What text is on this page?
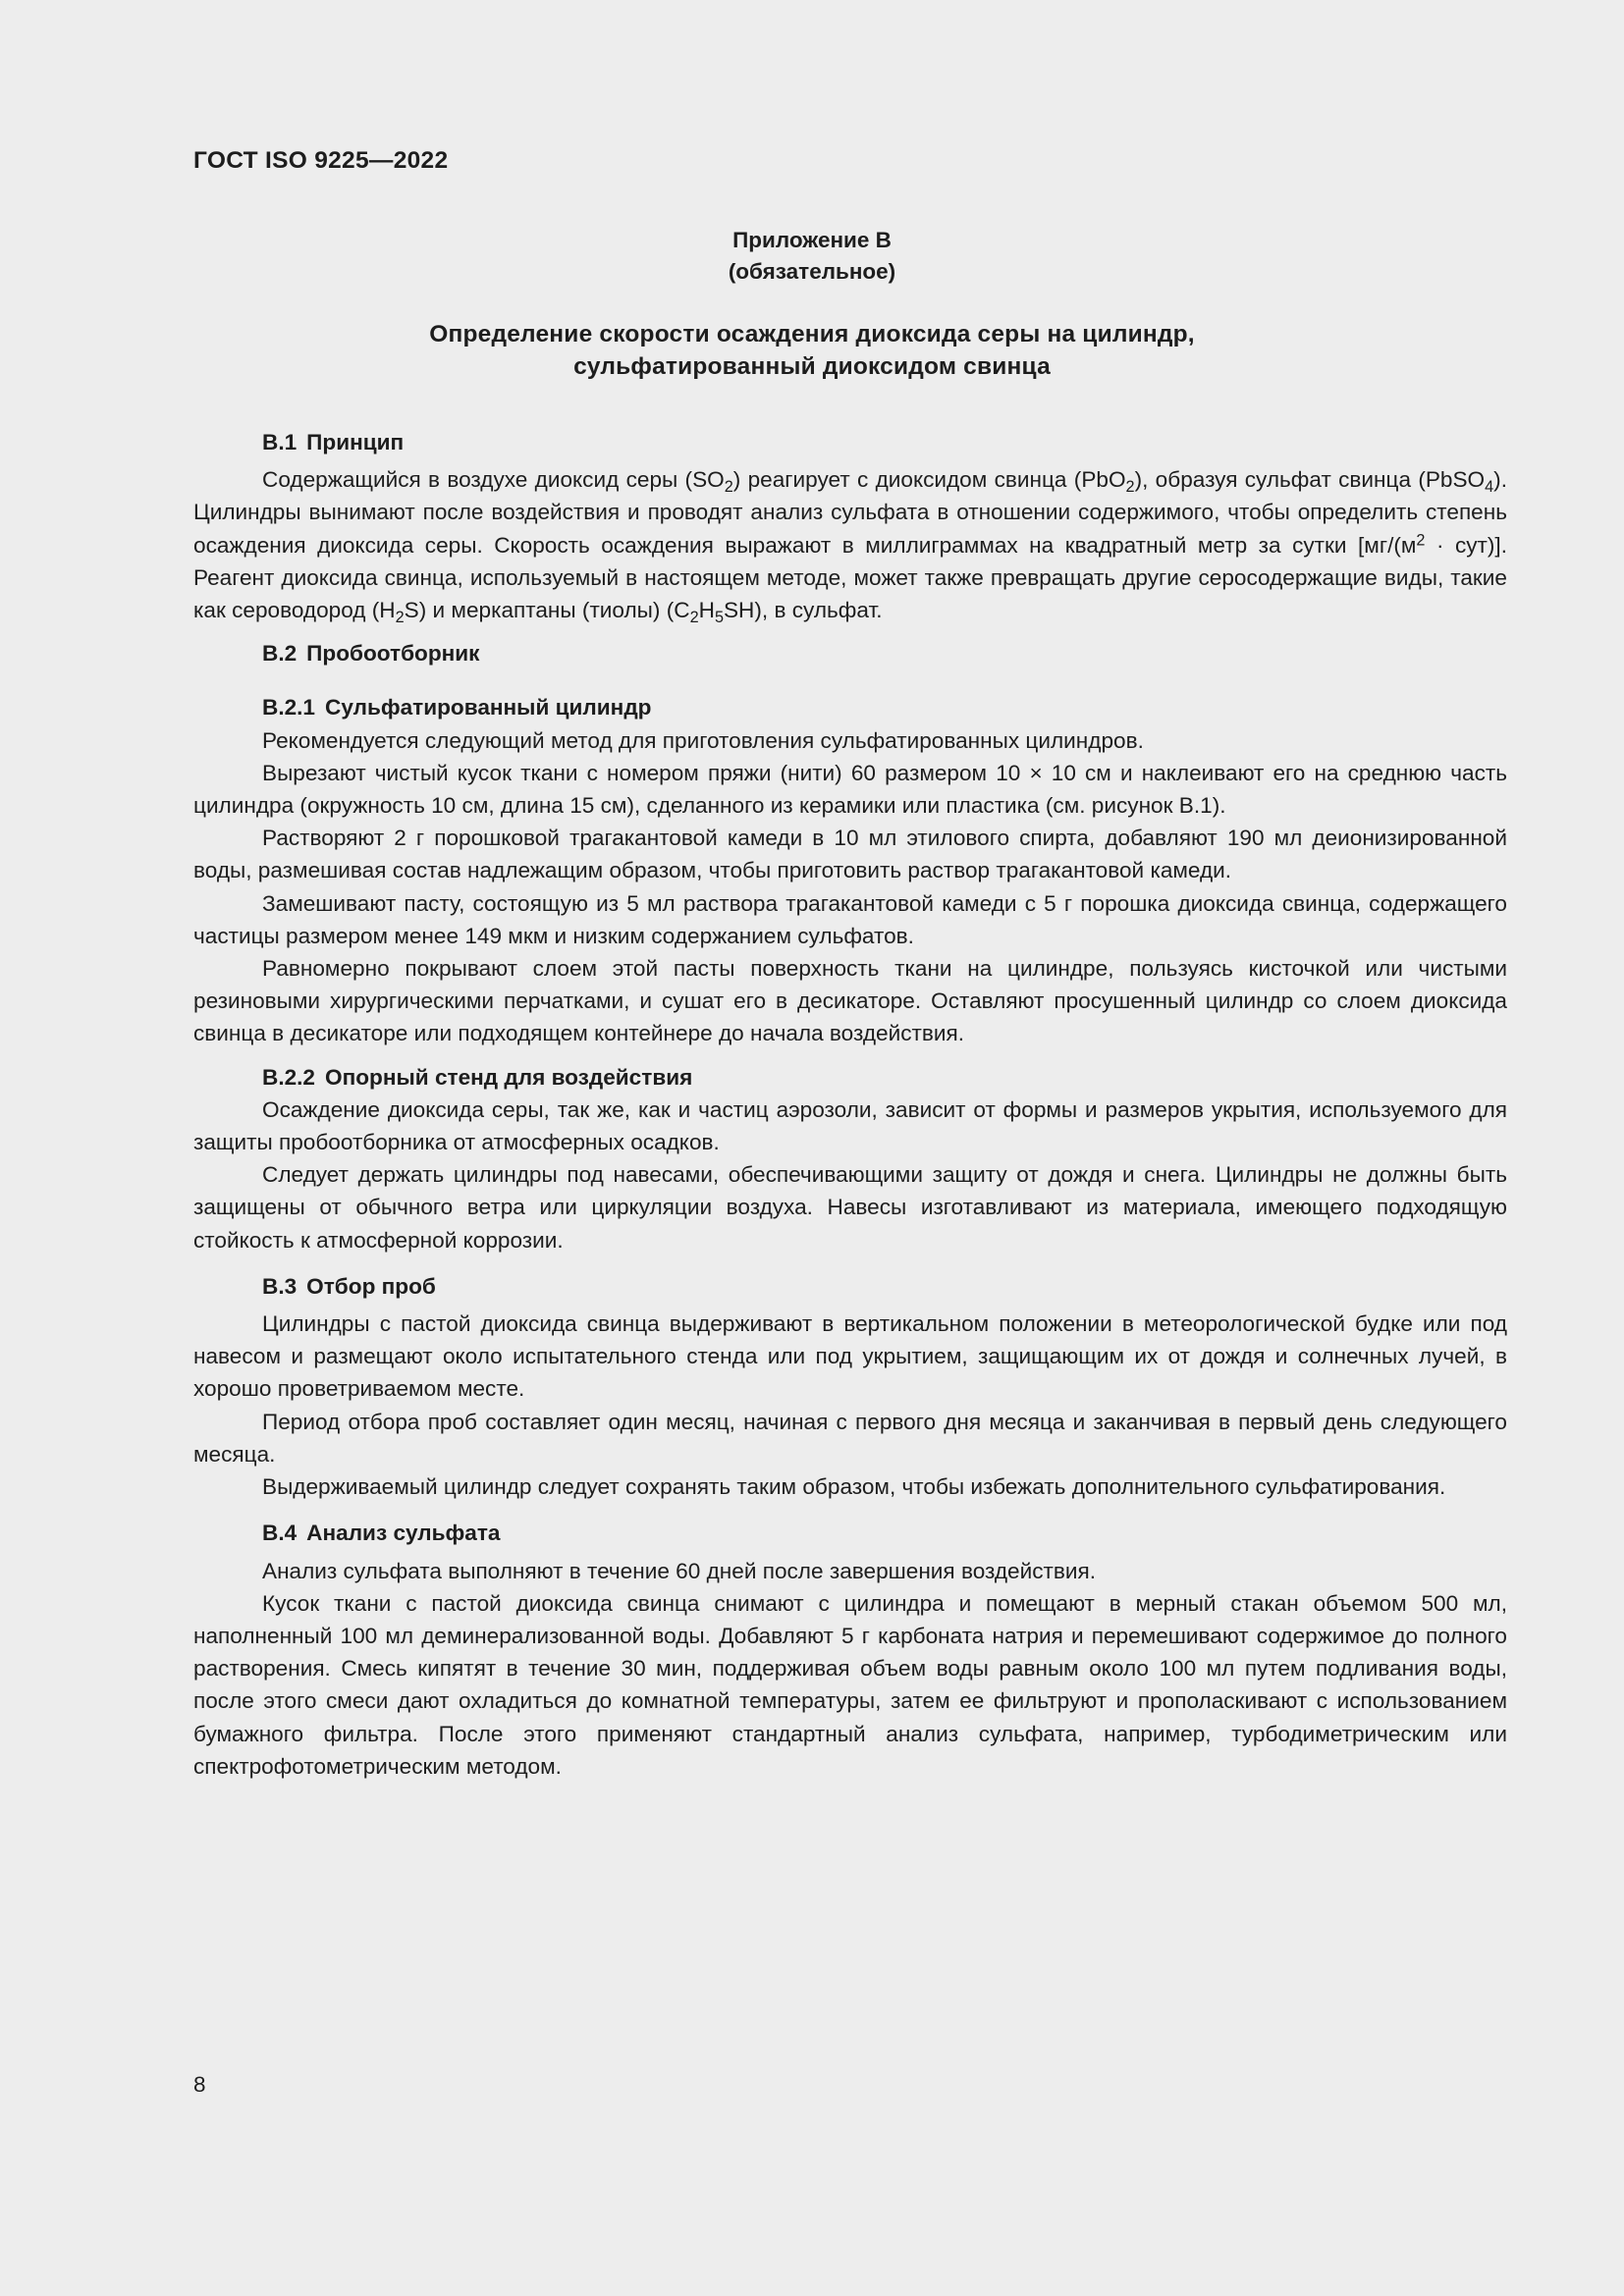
ГОСТ ISO 9225—2022
Приложение В
(обязательное)
Определение скорости осаждения диоксида серы на цилиндр,
сульфатированный диоксидом свинца
В.1 Принцип

Содержащийся в воздухе диоксид серы $(SO_2)$ реагирует с диоксидом свинца (PbO$_2$), образуя сульфат свинца (PbSO$_4$). Цилиндры вынимают после воздействия и проводят анализ сульфата в отношении содержимого, чтобы определить степень осаждения диоксида серы. Скорость осаждения выражают в миллиграммах на квадратный метр за сутки $[мг/(м^2 \cdot сут)]$. Реагент диоксида свинца, используемый в настоящем методе, может также превращать другие серосодержащие виды, такие как сероводород $(H_2S)$ и меркаптаны (тиолы) $(C_2H_5SH)$, в сульфат.

В.2 Пробоотборник
В.2.1 Сульфатированный цилиндр

Рекомендуется следующий метод для приготовления сульфатированных цилиндров.

Вырезают чистый кусок ткани с номером пряжи (нити) 60 размером 10 × 10 см и наклеивают его на среднюю часть цилиндра (окружность 10 см, длина 15 см), сделанного из керамики или пластика (см. рисунок В.1).

Растворяют 2 г порошковой трагакантовой камеди в 10 мл этилового спирта, добавляют 190 мл деионизированной воды, размешивая состав надлежащим образом, чтобы приготовить раствор трагакантовой камеди.

Замешивают пасту, состоящую из 5 мл раствора трагакантовой камеди с 5 г порошка диоксида свинца, содержащего частицы размером менее 149 мкм и низким содержанием сульфатов.

Равномерно покрывают слоем этой пасты поверхность ткани на цилиндре, пользуясь кисточкой или чистыми резиновыми хирургическими перчатками, и сушат его в десикаторе. Оставляют просушенный цилиндр со слоем диоксида свинца в десикаторе или подходящем контейнере до начала воздействия.

В.2.2 Опорный стенд для воздействия

Осаждение диоксида серы, так же, как и частиц аэрозоли, зависит от формы и размеров укрытия, используемого для защиты пробоотборника от атмосферных осадков.

Следует держать цилиндры под навесами, обеспечивающими защиту от дождя и снега. Цилиндры не должны быть защищены от обычного ветра или циркуляции воздуха. Навесы изготавливают из материала, имеющего подходящую стойкость к атмосферной коррозии.

В.3 Отбор проб

Цилиндры с пастой диоксида свинца выдерживают в вертикальном положении в метеорологической будке или под навесом и размещают около испытательного стенда или под укрытием, защищающим их от дождя и солнечных лучей, в хорошо проветриваемом месте.

Период отбора проб составляет один месяц, начиная с первого дня месяца и заканчивая в первый день следующего месяца.

Выдерживаемый цилиндр следует сохранять таким образом, чтобы избежать дополнительного сульфатирования.

В.4 Анализ сульфата

Анализ сульфата выполняют в течение 60 дней после завершения воздействия.

Кусок ткани с пастой диоксида свинца снимают с цилиндра и помещают в мерный стакан объемом 500 мл, наполненный 100 мл деминерализованной воды. Добавляют 5 г карбоната натрия и перемешивают содержимое до полного растворения. Смесь кипятят в течение 30 мин, поддерживая объем воды равным около 100 мл путем подливания воды, после этого смеси дают охладиться до комнатной температуры, затем ее фильтруют и прополаскивают с использованием бумажного фильтра. После этого применяют стандартный анализ сульфата, например, турбодиметрическим или спектрофотометрическим методом.

8
